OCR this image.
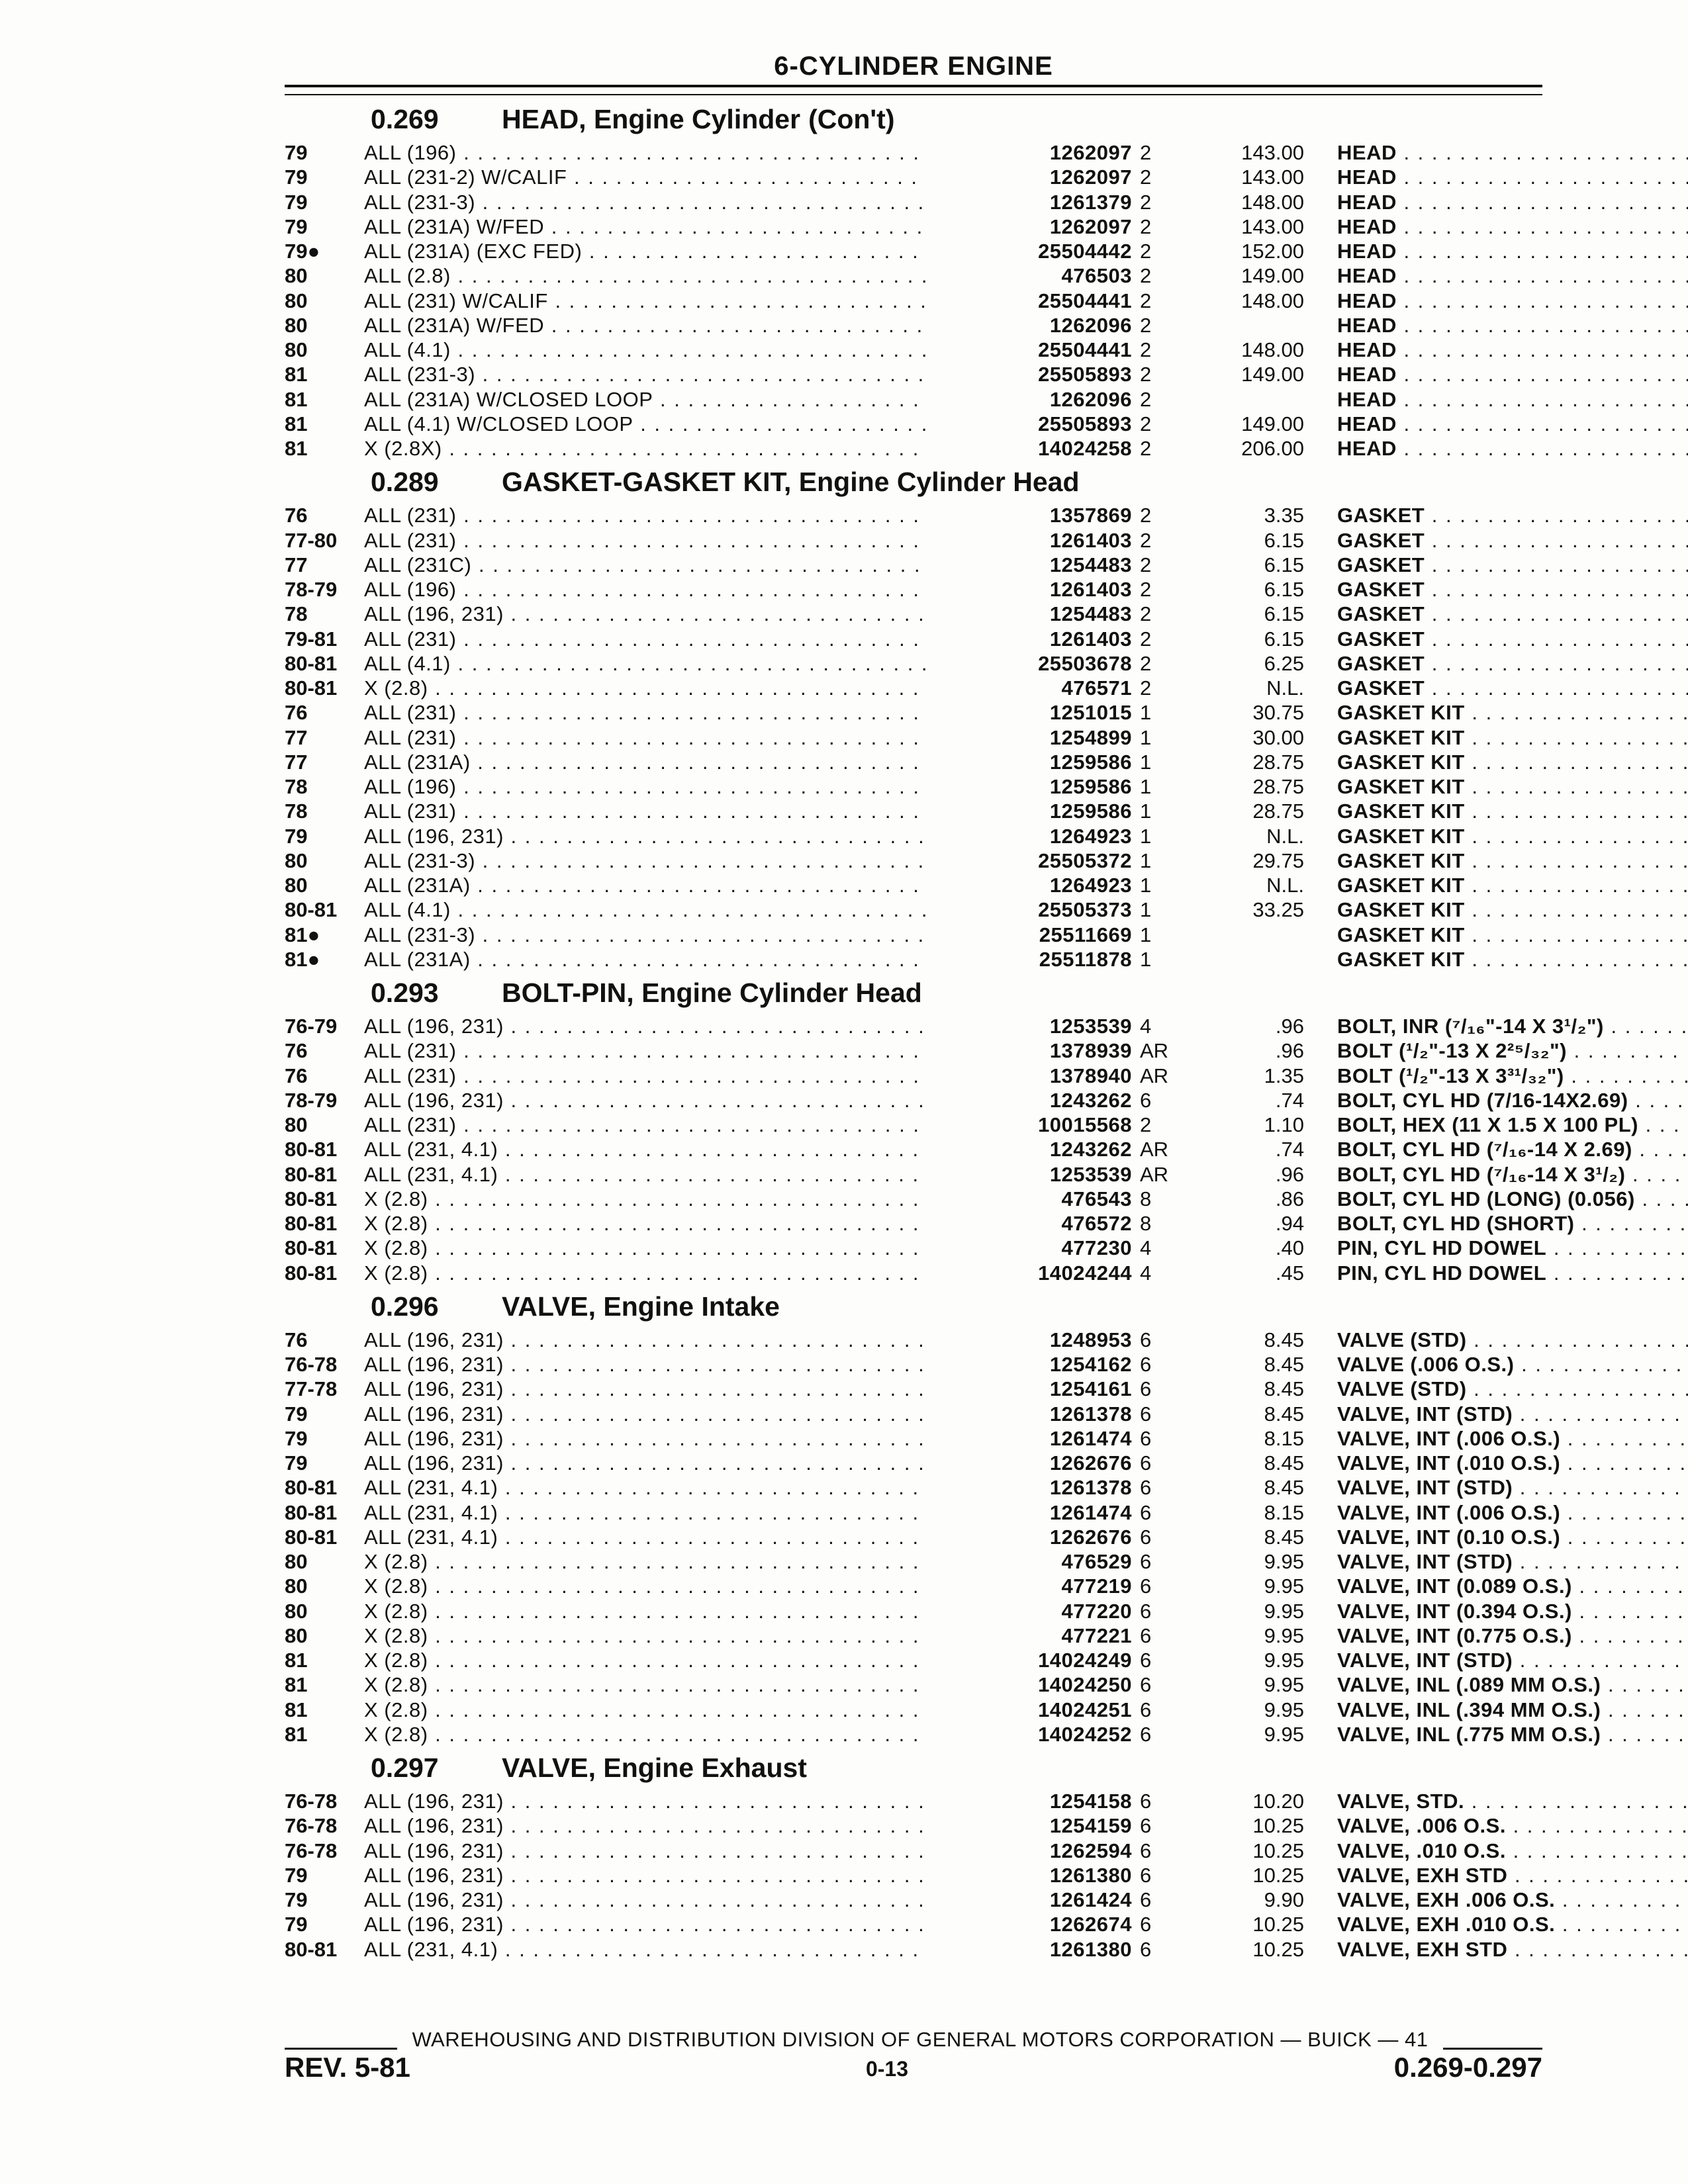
6-CYLINDER ENGINE
0.269 HEAD, Engine Cylinder (Con't)
79	ALL (196) . . .	1262097 2	143.00 HEAD . . .
79	ALL (231-2) W/CALIF . . .	1262097 2	143.00 HEAD . . .
79	ALL (231-3) . . .	1261379 2	148.00 HEAD . . .
79	ALL (231A) W/FED . . .	1262097 2	143.00 HEAD . . .
79●	ALL (231A) (EXC FED) . . .	25504442 2	152.00 HEAD . . .
80	ALL (2.8) . . .	476503 2	149.00 HEAD . . .
80	ALL (231) W/CALIF . . .	25504441 2	148.00 HEAD . . .
80	ALL (231A) W/FED . . .	1262096 2	HEAD . . .
80	ALL (4.1) . . .	25504441 2	148.00 HEAD . . .
81	ALL (231-3) . . .	25505893 2	149.00 HEAD . . .
81	ALL (231A) W/CLOSED LOOP . . .	1262096 2	HEAD . . .
81	ALL (4.1) W/CLOSED LOOP . . .	25505893 2	149.00 HEAD . . .
81	X (2.8X) . . .	14024258 2	206.00 HEAD . . .
0.289 GASKET-GASKET KIT, Engine Cylinder Head
76	ALL (231) . . .	1357869 2	3.35 GASKET . . .
77-80	ALL (231) . . .	1261403 2	6.15 GASKET . . .
77	ALL (231C) . . .	1254483 2	6.15 GASKET . . .
78-79	ALL (196) . . .	1261403 2	6.15 GASKET . . .
78	ALL (196, 231) . . .	1254483 2	6.15 GASKET . . .
79-81	ALL (231) . . .	1261403 2	6.15 GASKET . . .
80-81	ALL (4.1) . . .	25503678 2	6.25 GASKET . . .
80-81	X (2.8) . . .	476571 2	N.L. GASKET . . .
76	ALL (231) . . .	1251015 1	30.75 GASKET KIT . . .
77	ALL (231) . . .	1254899 1	30.00 GASKET KIT . . .
77	ALL (231A) . . .	1259586 1	28.75 GASKET KIT . . .
78	ALL (196) . . .	1259586 1	28.75 GASKET KIT . . .
78	ALL (231) . . .	1259586 1	28.75 GASKET KIT . . .
79	ALL (196, 231) . . .	1264923 1	N.L. GASKET KIT . . .
80	ALL (231-3) . . .	25505372 1	29.75 GASKET KIT . . .
80	ALL (231A) . . .	1264923 1	N.L. GASKET KIT . . .
80-81	ALL (4.1) . . .	25505373 1	33.25 GASKET KIT . . .
81●	ALL (231-3) . . .	25511669 1	GASKET KIT . . .
81●	ALL (231A) . . .	25511878 1	GASKET KIT . . .
0.293 BOLT-PIN, Engine Cylinder Head
76-79	ALL (196, 231) . . .	1253539 4	.96 BOLT, INR (⁷/₁₆"-14 X 3¹/₂") . . .
76	ALL (231) . . .	1378939 AR	.96 BOLT (¹/₂"-13 X 2²⁵/₃₂") . . .
76	ALL (231) . . .	1378940 AR	1.35 BOLT (¹/₂"-13 X 3³¹/₃₂") . . .
78-79	ALL (196, 231) . . .	1243262 6	.74 BOLT, CYL HD (7/16-14X2.69) . . .
80	ALL (231) . . .	10015568 2	1.10 BOLT, HEX (11 X 1.5 X 100 PL) . . .
80-81	ALL (231, 4.1) . . .	1243262 AR	.74 BOLT, CYL HD (⁷/₁₆-14 X 2.69) . . .
80-81	ALL (231, 4.1) . . .	1253539 AR	.96 BOLT, CYL HD (⁷/₁₆-14 X 3¹/₂) . . .
80-81	X (2.8) . . .	476543 8	.86 BOLT, CYL HD (LONG) (0.056) . . .
80-81	X (2.8) . . .	476572 8	.94 BOLT, CYL HD (SHORT) . . .
80-81	X (2.8) . . .	477230 4	.40 PIN, CYL HD DOWEL . . .
80-81	X (2.8) . . .	14024244 4	.45 PIN, CYL HD DOWEL . . .
0.296 VALVE, Engine Intake
76	ALL (196, 231) . . .	1248953 6	8.45 VALVE (STD) . . .
76-78	ALL (196, 231) . . .	1254162 6	8.45 VALVE (.006 O.S.) . . .
77-78	ALL (196, 231) . . .	1254161 6	8.45 VALVE (STD) . . .
79	ALL (196, 231) . . .	1261378 6	8.45 VALVE, INT (STD) . . .
79	ALL (196, 231) . . .	1261474 6	8.15 VALVE, INT (.006 O.S.) . . .
79	ALL (196, 231) . . .	1262676 6	8.45 VALVE, INT (.010 O.S.) . . .
80-81	ALL (231, 4.1) . . .	1261378 6	8.45 VALVE, INT (STD) . . .
80-81	ALL (231, 4.1) . . .	1261474 6	8.15 VALVE, INT (.006 O.S.) . . .
80-81	ALL (231, 4.1) . . .	1262676 6	8.45 VALVE, INT (0.10 O.S.) . . .
80	X (2.8) . . .	476529 6	9.95 VALVE, INT (STD) . . .
80	X (2.8) . . .	477219 6	9.95 VALVE, INT (0.089 O.S.) . . .
80	X (2.8) . . .	477220 6	9.95 VALVE, INT (0.394 O.S.) . . .
80	X (2.8) . . .	477221 6	9.95 VALVE, INT (0.775 O.S.) . . .
81	X (2.8) . . .	14024249 6	9.95 VALVE, INT (STD) . . .
81	X (2.8) . . .	14024250 6	9.95 VALVE, INL (.089 MM O.S.) . . .
81	X (2.8) . . .	14024251 6	9.95 VALVE, INL (.394 MM O.S.) . . .
81	X (2.8) . . .	14024252 6	9.95 VALVE, INL (.775 MM O.S.) . . .
0.297 VALVE, Engine Exhaust
76-78	ALL (196, 231) . . .	1254158 6	10.20 VALVE, STD. . . .
76-78	ALL (196, 231) . . .	1254159 6	10.25 VALVE, .006 O.S. . . .
76-78	ALL (196, 231) . . .	1262594 6	10.25 VALVE, .010 O.S. . . .
79	ALL (196, 231) . . .	1261380 6	10.25 VALVE, EXH STD . . .
79	ALL (196, 231) . . .	1261424 6	9.90 VALVE, EXH .006 O.S. . . .
79	ALL (196, 231) . . .	1262674 6	10.25 VALVE, EXH .010 O.S. . . .
80-81	ALL (231, 4.1) . . .	1261380 6	10.25 VALVE, EXH STD . . .
WAREHOUSING AND DISTRIBUTION DIVISION OF GENERAL MOTORS CORPORATION — BUICK — 41
REV. 5-81	0-13	0.269-0.297
